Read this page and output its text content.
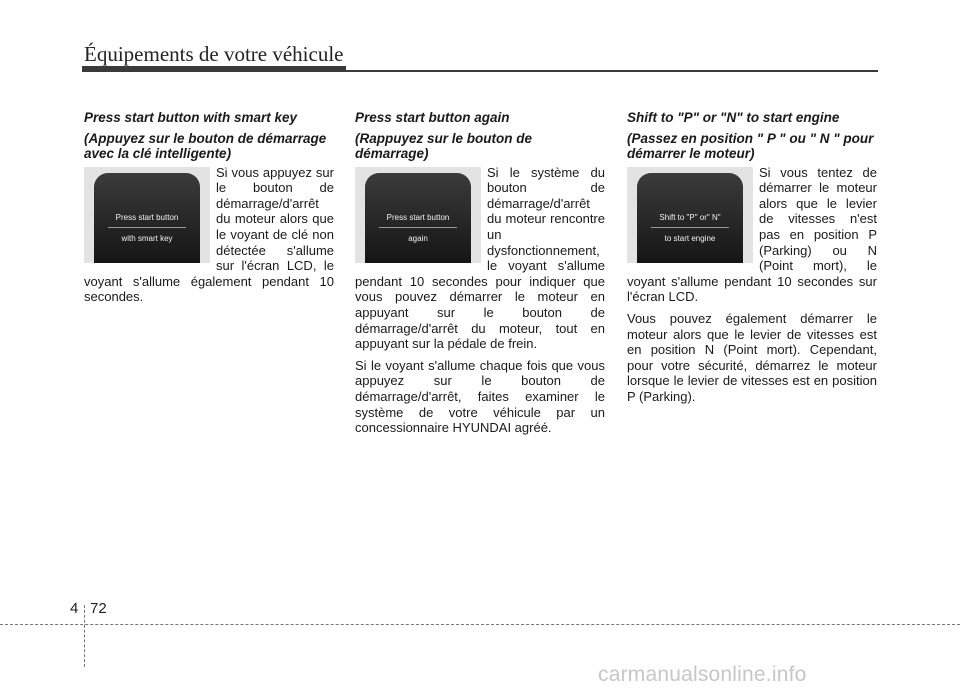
Équipements de votre véhicule
Press start button with smart key
(Appuyez sur le bouton de démarrage avec la clé intelligente)
Press start button
with smart key

Si vous appuyez sur le bouton de démarrage/d'arrêt du moteur alors que le voyant de clé non détectée s'allume sur l'écran LCD, le voyant s'allume également pendant 10 secondes.

Press start button again
(Rappuyez sur le bouton de démarrage)
Press start button
again

Si le système du bouton de démarrage/d'arrêt du moteur rencontre un dysfonctionnement, le voyant s'allume pendant 10 secondes pour indiquer que vous pouvez démarrer le moteur en appuyant sur le bouton de démarrage/d'arrêt du moteur, tout en appuyant sur la pédale de frein.

Si le voyant s'allume chaque fois que vous appuyez sur le bouton de démarrage/d'arrêt, faites examiner le système de votre véhicule par un concessionnaire HYUNDAI agréé.

Shift to "P" or "N" to start engine
(Passez en position " P " ou " N " pour démarrer le moteur)
Shift to "P" or" N"
to start engine

Si vous tentez de démarrer le moteur alors que le levier de vitesses n'est pas en position P (Parking) ou N (Point mort), le voyant s'allume pendant 10 secondes sur l'écran LCD.

Vous pouvez également démarrer le moteur alors que le levier de vitesses est en position N (Point mort). Cependant, pour votre sécurité, démarrez le moteur lorsque le levier de vitesses est en position P (Parking).

4 72
carmanualsonline.info
